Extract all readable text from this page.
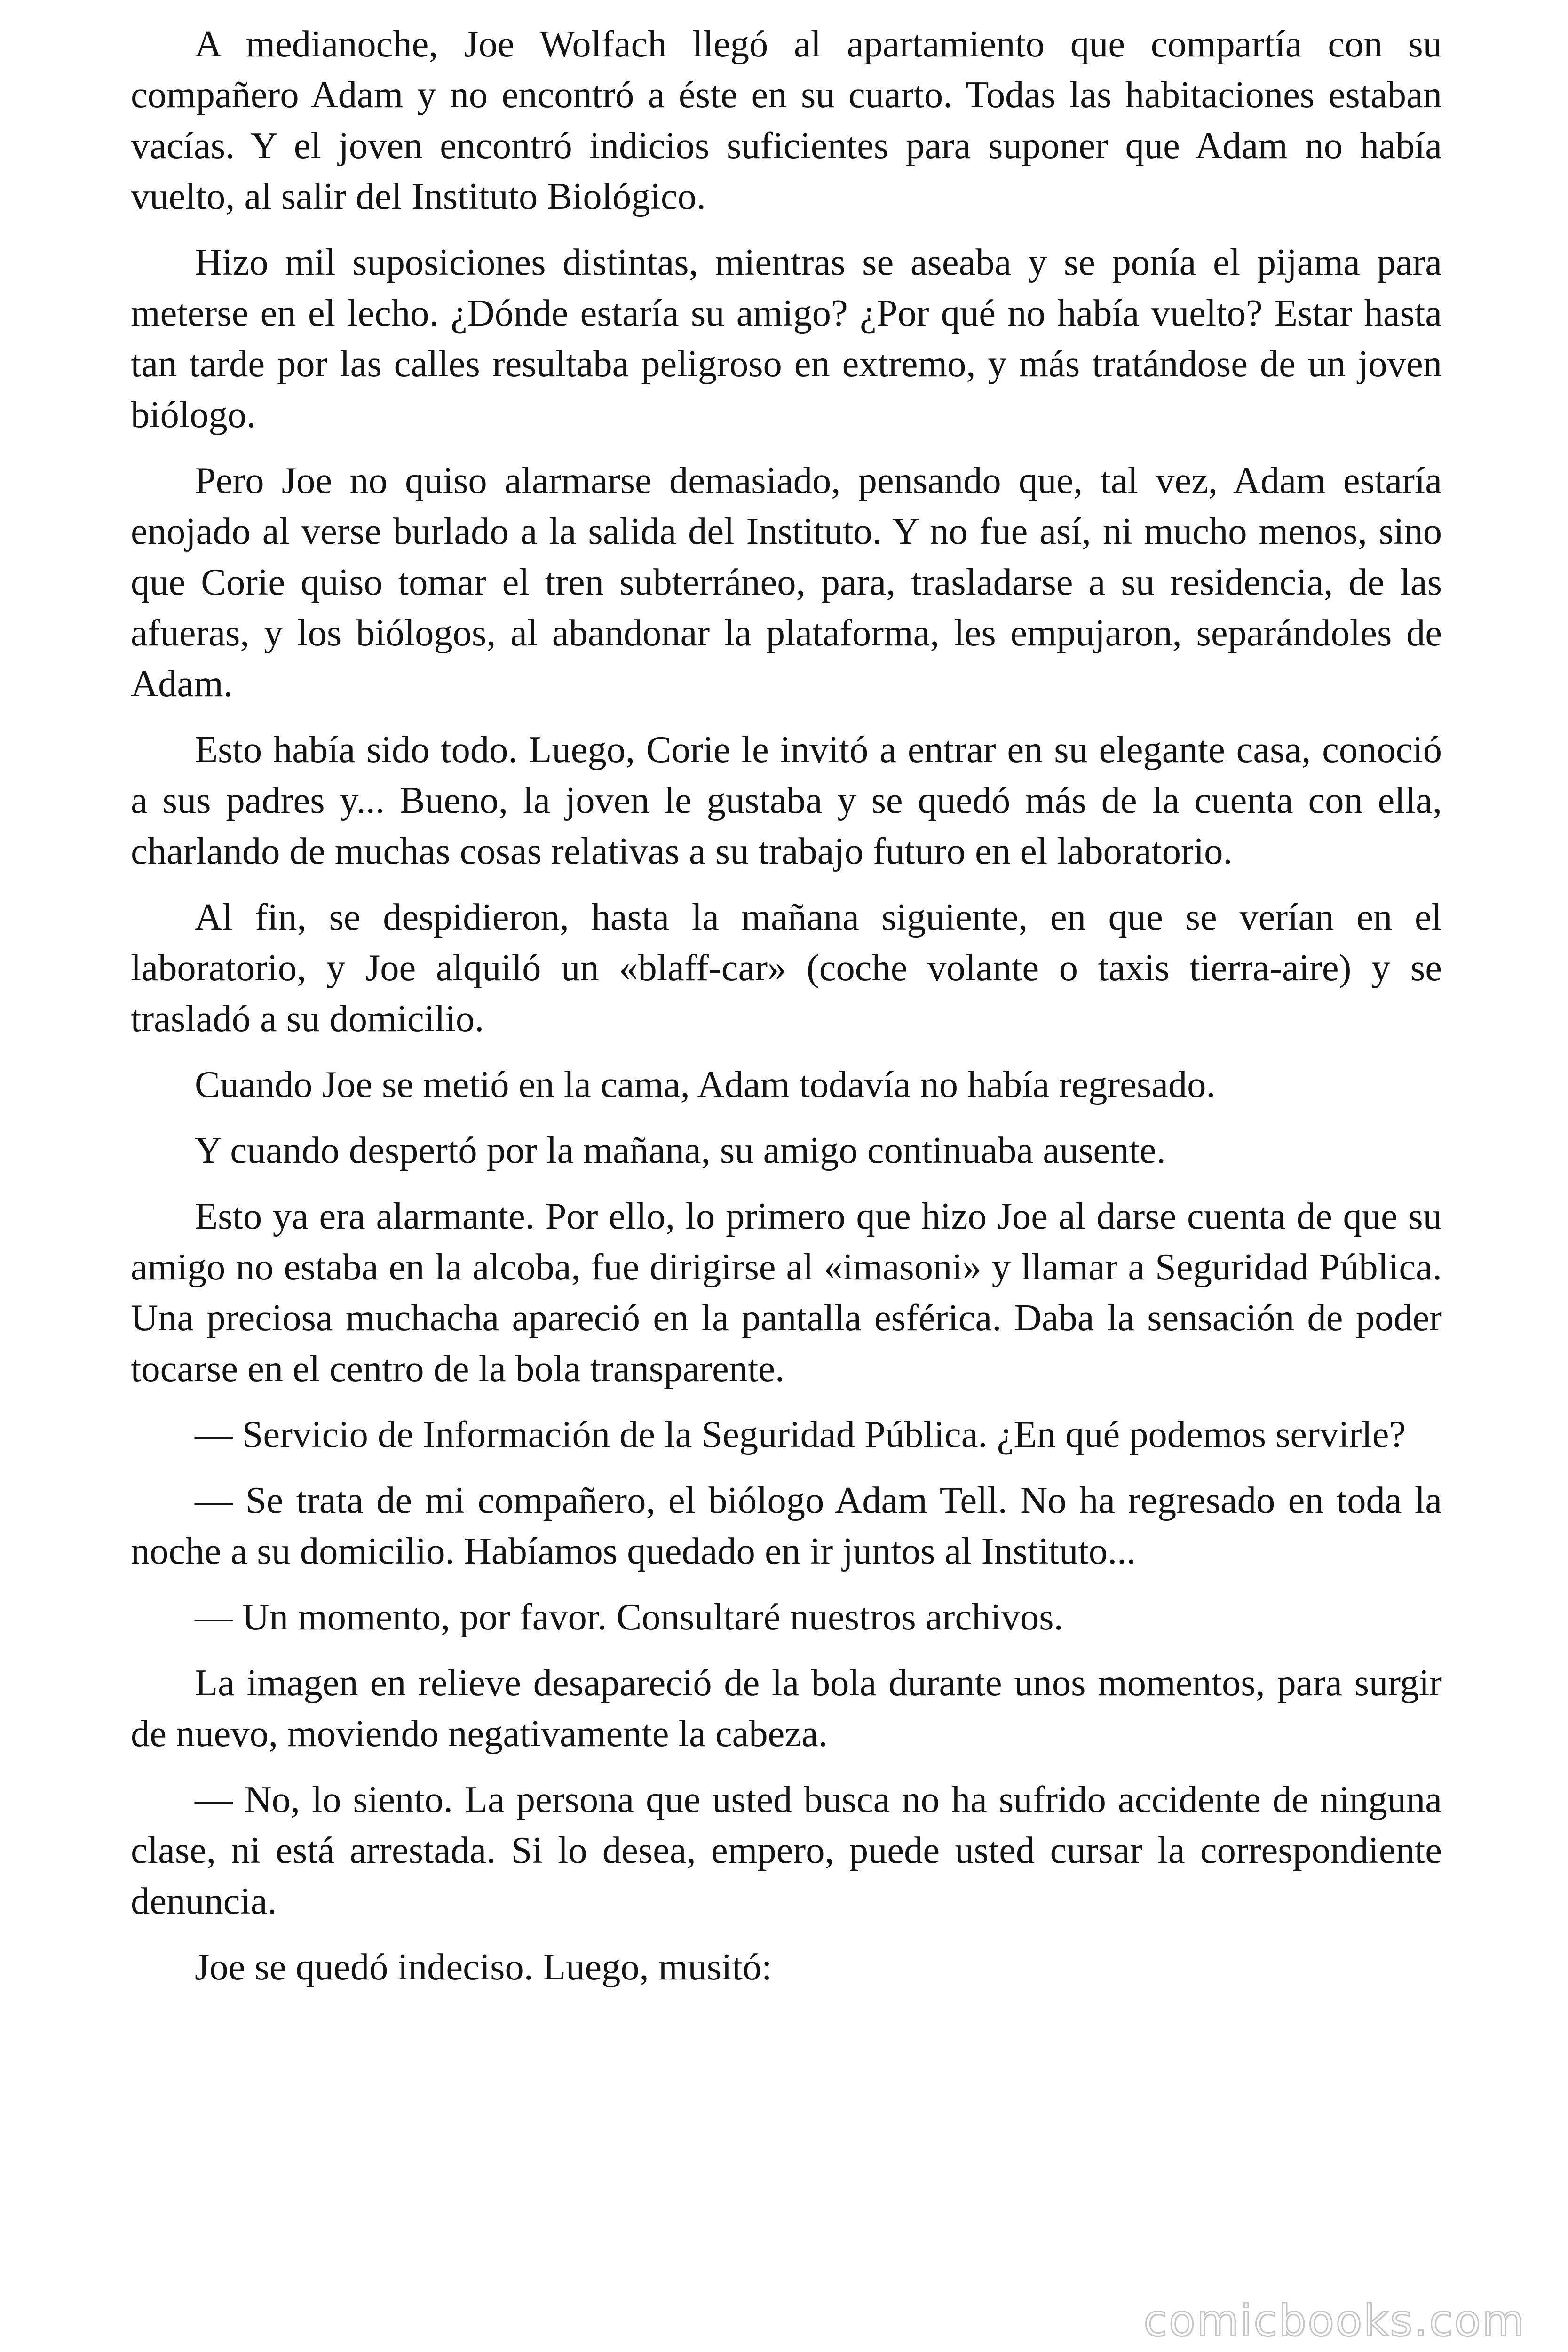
A medianoche, Joe Wolfach llegó al apartamiento que compartía con su compañero Adam y no encontró a éste en su cuarto. Todas las habitaciones estaban vacías. Y el joven encontró indicios suficientes para suponer que Adam no había vuelto, al salir del Instituto Biológico.

Hizo mil suposiciones distintas, mientras se aseaba y se ponía el pijama para meterse en el lecho. ¿Dónde estaría su amigo? ¿Por qué no había vuelto? Estar hasta tan tarde por las calles resultaba peligroso en extremo, y más tratándose de un joven biólogo.

Pero Joe no quiso alarmarse demasiado, pensando que, tal vez, Adam estaría enojado al verse burlado a la salida del Instituto. Y no fue así, ni mucho menos, sino que Corie quiso tomar el tren subterráneo, para, trasladarse a su residencia, de las afueras, y los biólogos, al abandonar la plataforma, les empujaron, separándoles de Adam.

Esto había sido todo. Luego, Corie le invitó a entrar en su elegante casa, conoció a sus padres y... Bueno, la joven le gustaba y se quedó más de la cuenta con ella, charlando de muchas cosas relativas a su trabajo futuro en el laboratorio.

Al fin, se despidieron, hasta la mañana siguiente, en que se verían en el laboratorio, y Joe alquiló un «blaff-car» (coche volante o taxis tierra-aire) y se trasladó a su domicilio.

Cuando Joe se metió en la cama, Adam todavía no había regresado.

Y cuando despertó por la mañana, su amigo continuaba ausente.

Esto ya era alarmante. Por ello, lo primero que hizo Joe al darse cuenta de que su amigo no estaba en la alcoba, fue dirigirse al «imasoni» y llamar a Seguridad Pública. Una preciosa muchacha apareció en la pantalla esférica. Daba la sensación de poder tocarse en el centro de la bola transparente.

— Servicio de Información de la Seguridad Pública. ¿En qué podemos servirle?

— Se trata de mi compañero, el biólogo Adam Tell. No ha regresado en toda la noche a su domicilio. Habíamos quedado en ir juntos al Instituto...

— Un momento, por favor. Consultaré nuestros archivos.

La imagen en relieve desapareció de la bola durante unos momentos, para surgir de nuevo, moviendo negativamente la cabeza.

— No, lo siento. La persona que usted busca no ha sufrido accidente de ninguna clase, ni está arrestada. Si lo desea, empero, puede usted cursar la correspondiente denuncia.

Joe se quedó indeciso. Luego, musitó:

comicbooks.com
